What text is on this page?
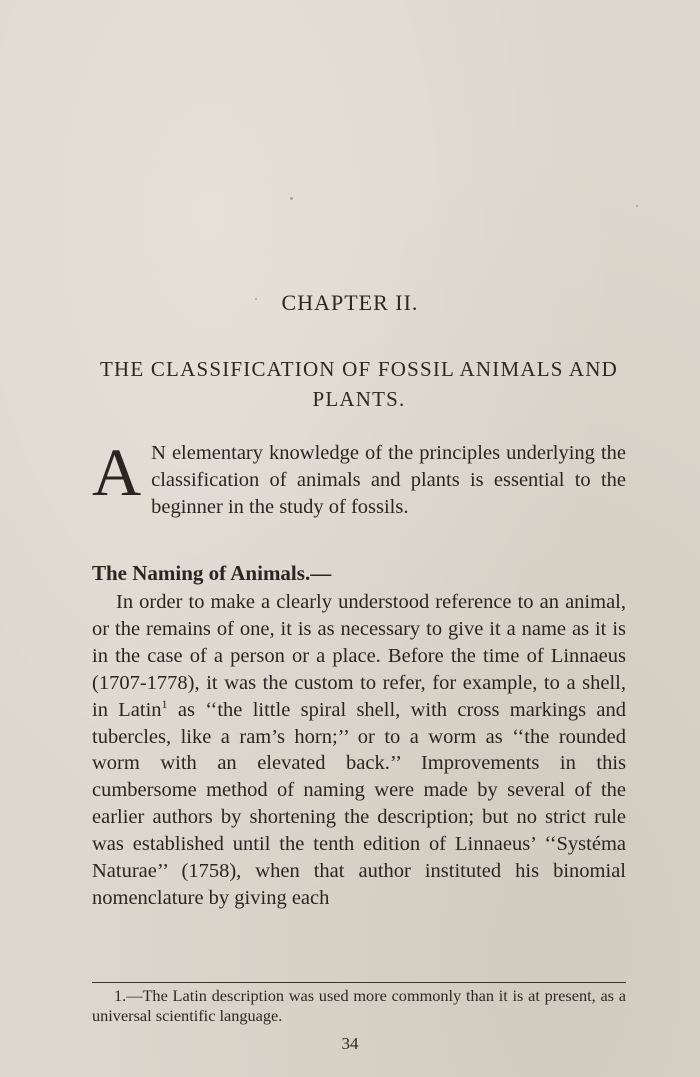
CHAPTER II.
THE CLASSIFICATION OF FOSSIL ANIMALS AND PLANTS.

A N elementary knowledge of the principles underlying the classification of animals and plants is essential to the beginner in the study of fossils.

The Naming of Animals.—

In order to make a clearly understood reference to an animal, or the remains of one, it is as necessary to give it a name as it is in the case of a person or a place. Before the time of Linnaeus (1707-1778), it was the custom to refer, for example, to a shell, in Latin$^1$ as ‘‘the little spiral shell, with cross markings and tubercles, like a ram’s horn;’’ or to a worm as ‘‘the rounded worm with an elevated back.’’ Improvements in this cumbersome method of naming were made by several of the earlier authors by shortening the description; but no strict rule was established until the tenth edition of Linnaeus’ ‘‘Systéma Naturae’’ (1758), when that author instituted his binomial nomenclature by giving each

1.—The Latin description was used more commonly than it is at present, as a universal scientific language.

34
